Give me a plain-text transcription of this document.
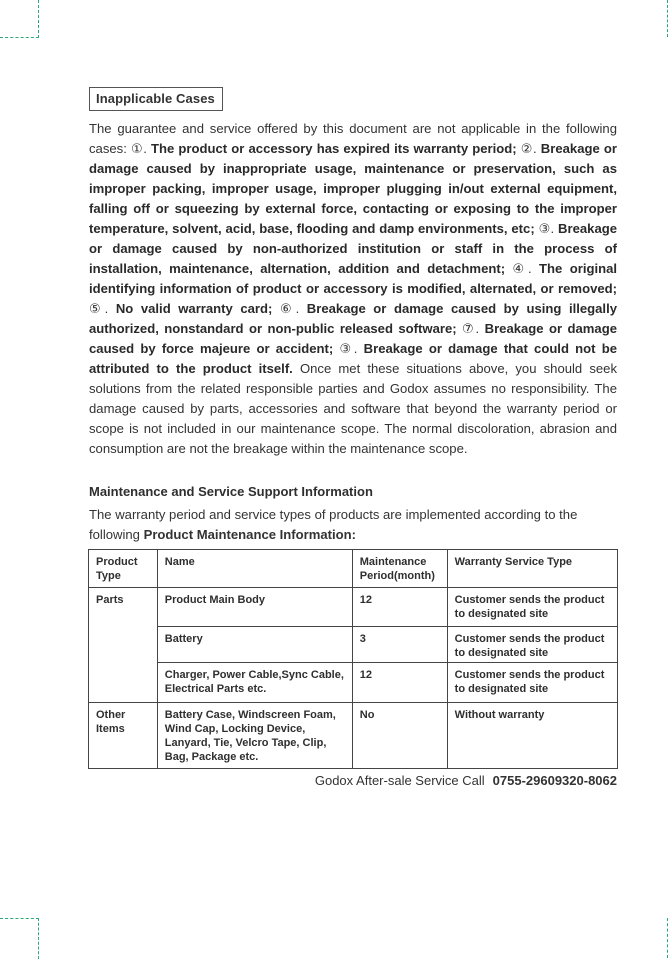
Inapplicable Cases
The guarantee and service offered by this document are not applicable in the following cases: ①. The product or accessory has expired its warranty period; ②. Breakage or damage caused by inappropriate usage, maintenance or preservation, such as improper packing, improper usage, improper plugging in/out external equipment, falling off or squeezing by external force, contacting or exposing to the improper temperature, solvent, acid, base, flooding and damp environments, etc; ③. Breakage or damage caused by non-authorized institution or staff in the process of installation, maintenance, alternation, addition and detachment; ④. The original identifying information of product or accessory is modified, alternated, or removed; ⑤. No valid warranty card; ⑥. Breakage or damage caused by using illegally authorized, nonstandard or non-public released software; ⑦. Breakage or damage caused by force majeure or accident; ③. Breakage or damage that could not be attributed to the product itself. Once met these situations above, you should seek solutions from the related responsible parties and Godox assumes no responsibility. The damage caused by parts, accessories and software that beyond the warranty period or scope is not included in our maintenance scope. The normal discoloration, abrasion and consumption are not the breakage within the maintenance scope.
Maintenance and Service Support Information
The warranty period and service types of products are implemented according to the following Product Maintenance Information:
Product Type	Name	Maintenance Period(month)	Warranty Service Type
Parts	Product Main Body	12	Customer sends the product to designated site
	Battery	3	Customer sends the product to designated site
	Charger, Power Cable,Sync Cable, Electrical Parts etc.	12	Customer sends the product to designated site
Other Items	Battery Case, Windscreen Foam, Wind Cap, Locking Device, Lanyard, Tie, Velcro Tape, Clip, Bag, Package etc.	No	Without warranty
Godox After-sale Service Call 0755-29609320-8062
